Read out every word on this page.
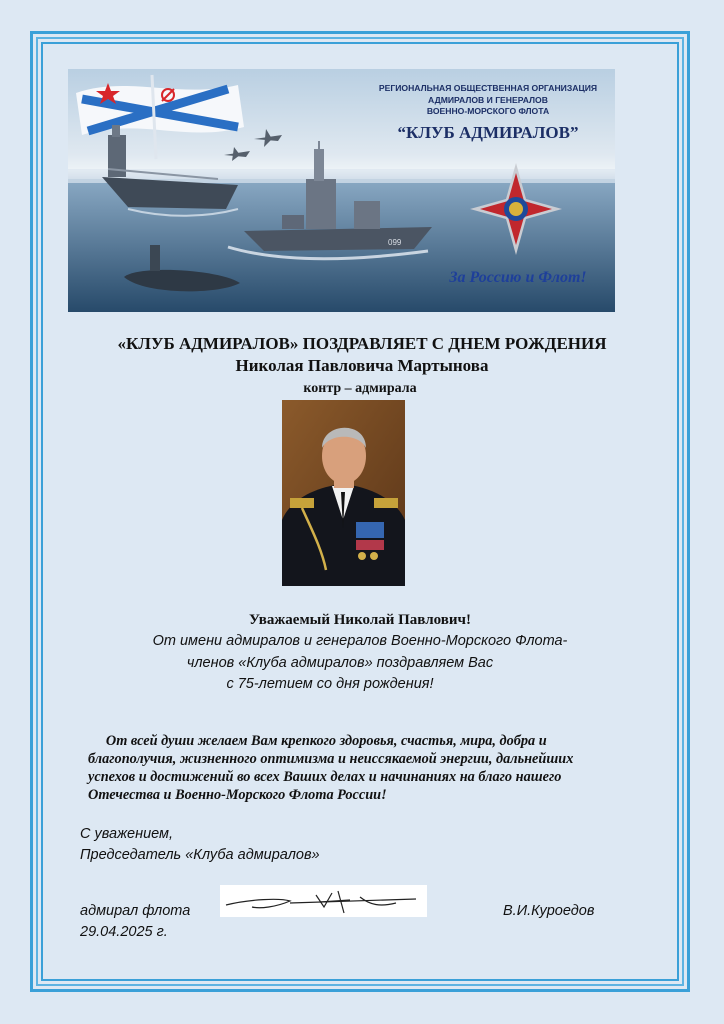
099
РЕГИОНАЛЬНАЯ ОБЩЕСТВЕННАЯ ОРГАНИЗАЦИЯ
АДМИРАЛОВ И ГЕНЕРАЛОВ
ВОЕННО-МОРСКОГО ФЛОТА
“КЛУБ АДМИРАЛОВ”
За Россию и Флот!
«КЛУБ АДМИРАЛОВ» ПОЗДРАВЛЯЕТ С ДНЕМ РОЖДЕНИЯ
Николая Павловича Мартынова
контр – адмирала
Уважаемый Николай Павлович!
От имени адмиралов и генералов Военно-Морского Флота-
членов «Клуба адмиралов» поздравляем Вас
с 75-летием со дня рождения!
От всей души желаем Вам крепкого здоровья, счастья, мира, добра и
благополучия, жизненного оптимизма и неиссякаемой энергии, дальнейших
успехов и достижений во всех Ваших делах и начинаниях на благо нашего
Отечества и Военно-Морского Флота России!
С уважением,
Председатель «Клуба адмиралов»
адмирал флота
29.04.2025 г.
В.И.Куроедов
